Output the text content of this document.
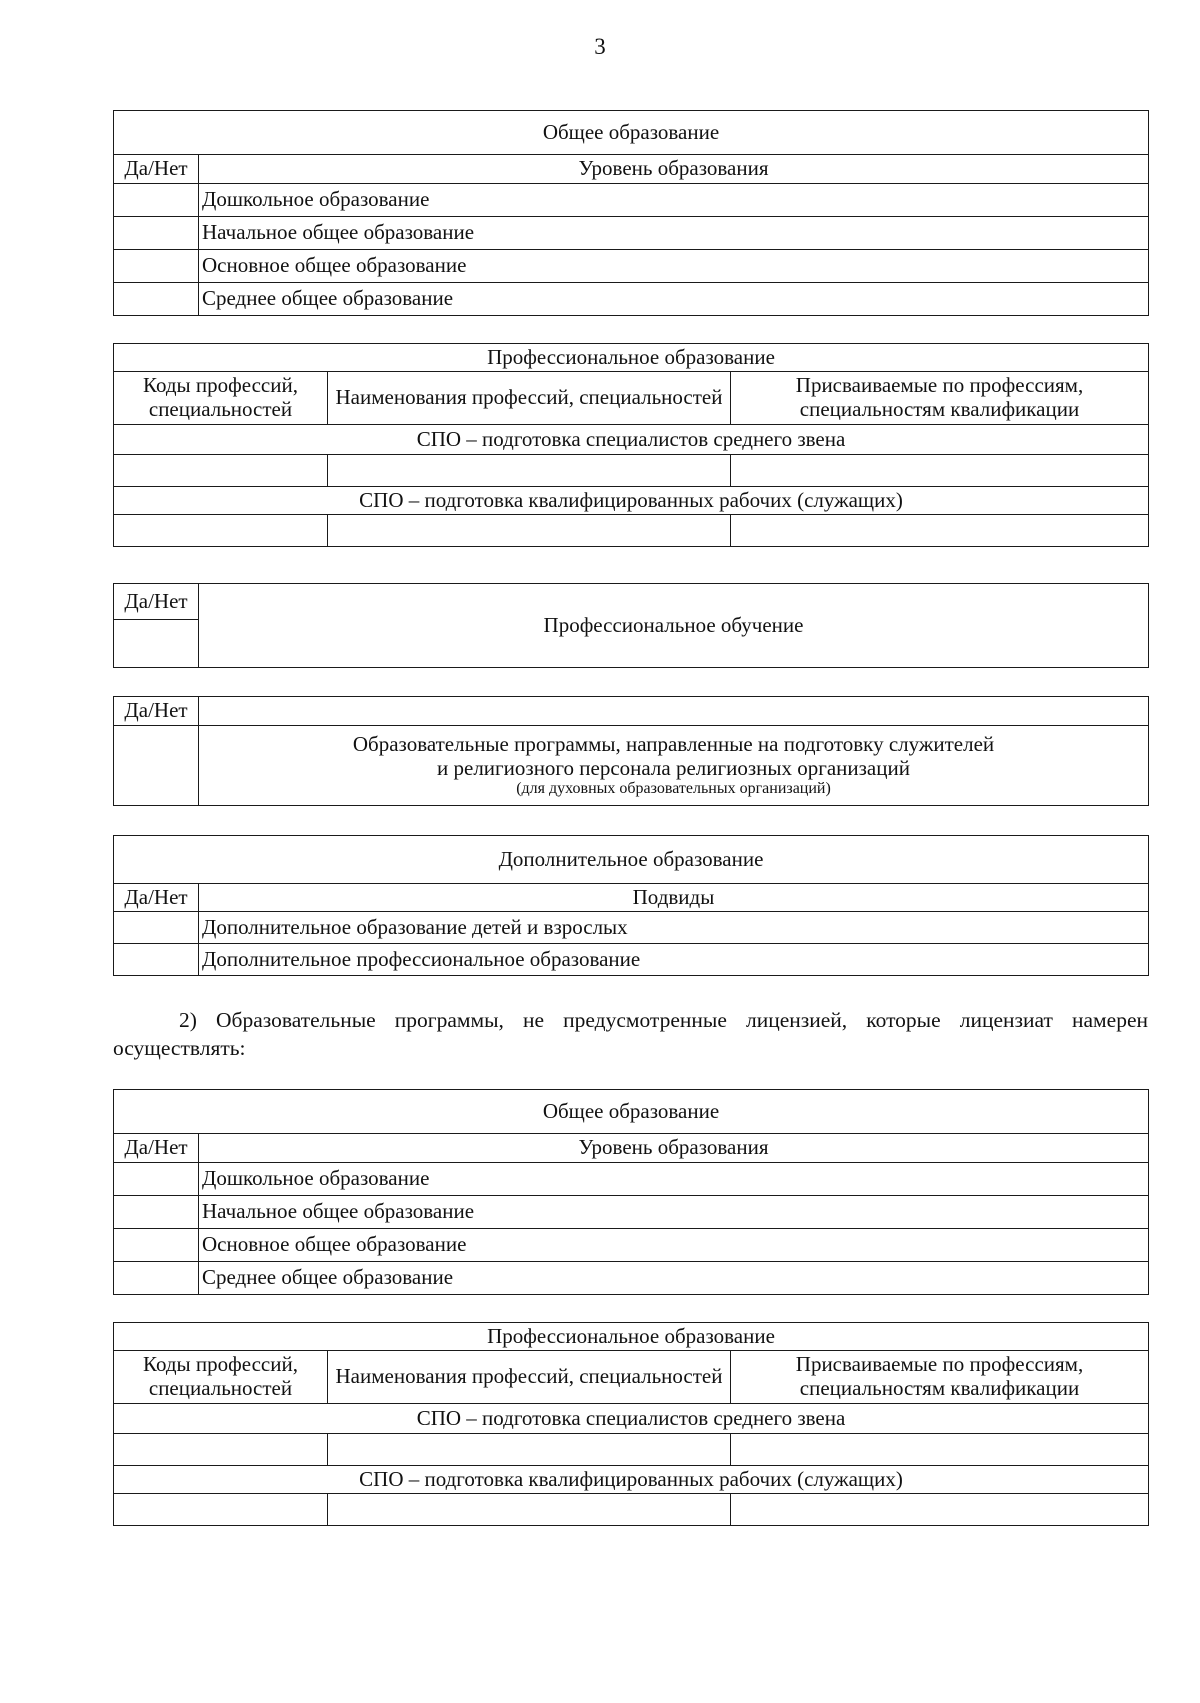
3
Общее образование	
Да/Нет	Уровень образования
	Дошкольное образование
	Начальное общее образование
	Основное общее образование
	Среднее общее образование
Профессиональное образование		
Коды профессий, специальностей	Наименования профессий, специальностей	Присваиваемые по профессиям, специальностям квалификации
СПО – подготовка специалистов среднего звена		

СПО – подготовка квалифицированных рабочих (служащих)		

Да/Нет	Профессиональное обучение

Да/Нет	

	Образовательные программы, направленные на подготовку служителей
и религиозного персонала религиозных организаций
(для духовных образовательных организаций)
Дополнительное образование	
Да/Нет	Подвиды
	Дополнительное образование детей и взрослых
	Дополнительное профессиональное образование
2) Образовательные программы, не предусмотренные лицензией, которые лицензиат намерен осуществлять:
Общее образование	
Да/Нет	Уровень образования
	Дошкольное образование
	Начальное общее образование
	Основное общее образование
	Среднее общее образование
Профессиональное образование		
Коды профессий, специальностей	Наименования профессий, специальностей	Присваиваемые по профессиям, специальностям квалификации
СПО – подготовка специалистов среднего звена		

СПО – подготовка квалифицированных рабочих (служащих)		
